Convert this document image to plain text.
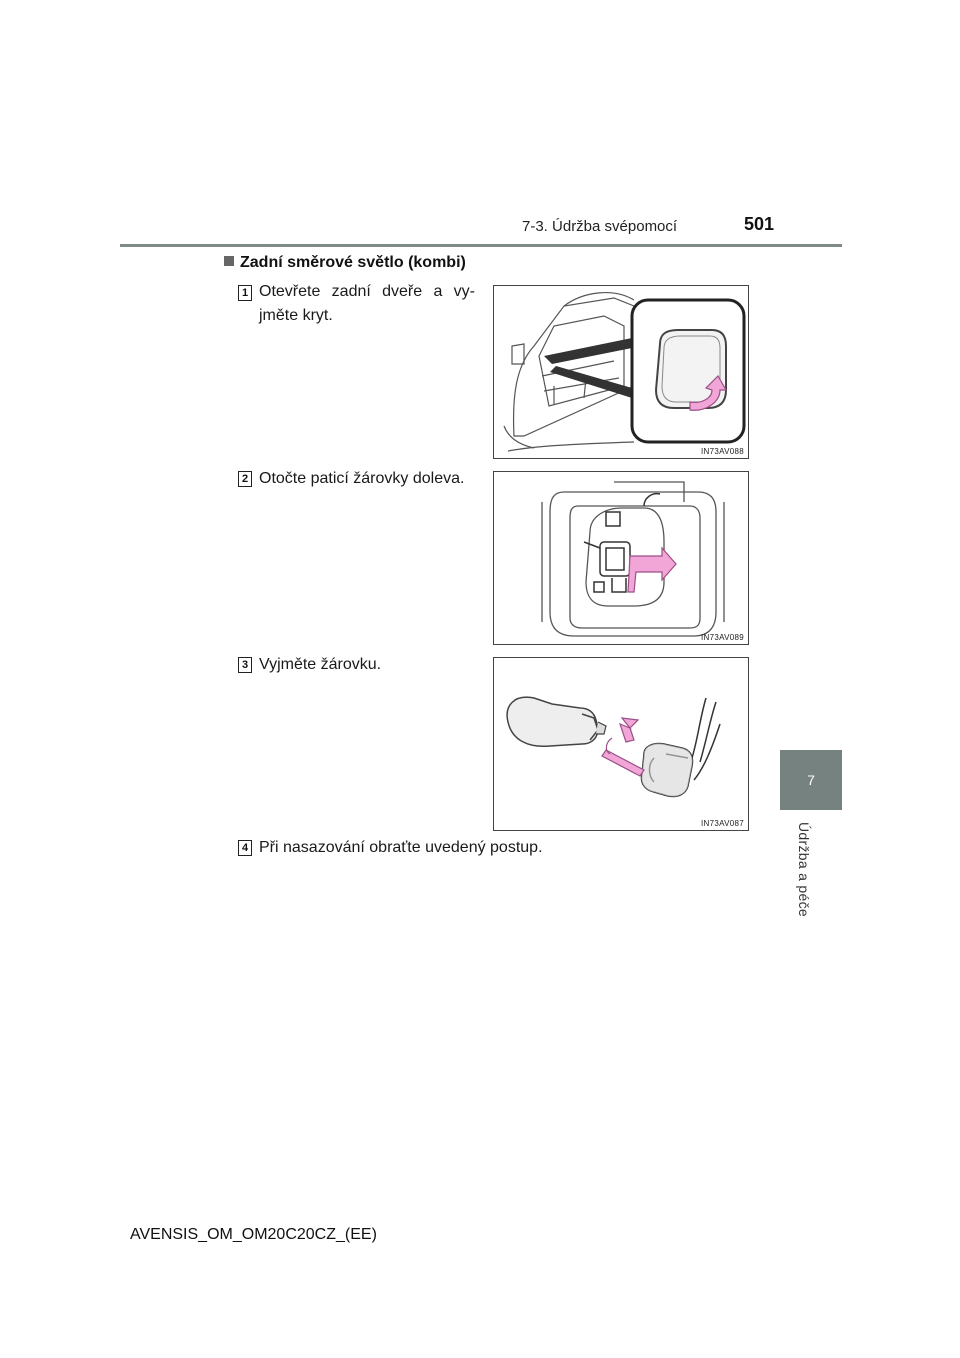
7-3. Údržba svépomocí	501
7
Údržba a péče
Zadní směrové světlo (kombi)
1 Otevřete zadní dveře a vy-
jměte kryt.
IN73AV088
2 Otočte paticí žárovky doleva.
IN73AV089
3 Vyjměte žárovku.
IN73AV087
4 Při nasazování obraťte uvedený postup.
AVENSIS_OM_OM20C20CZ_(EE)
